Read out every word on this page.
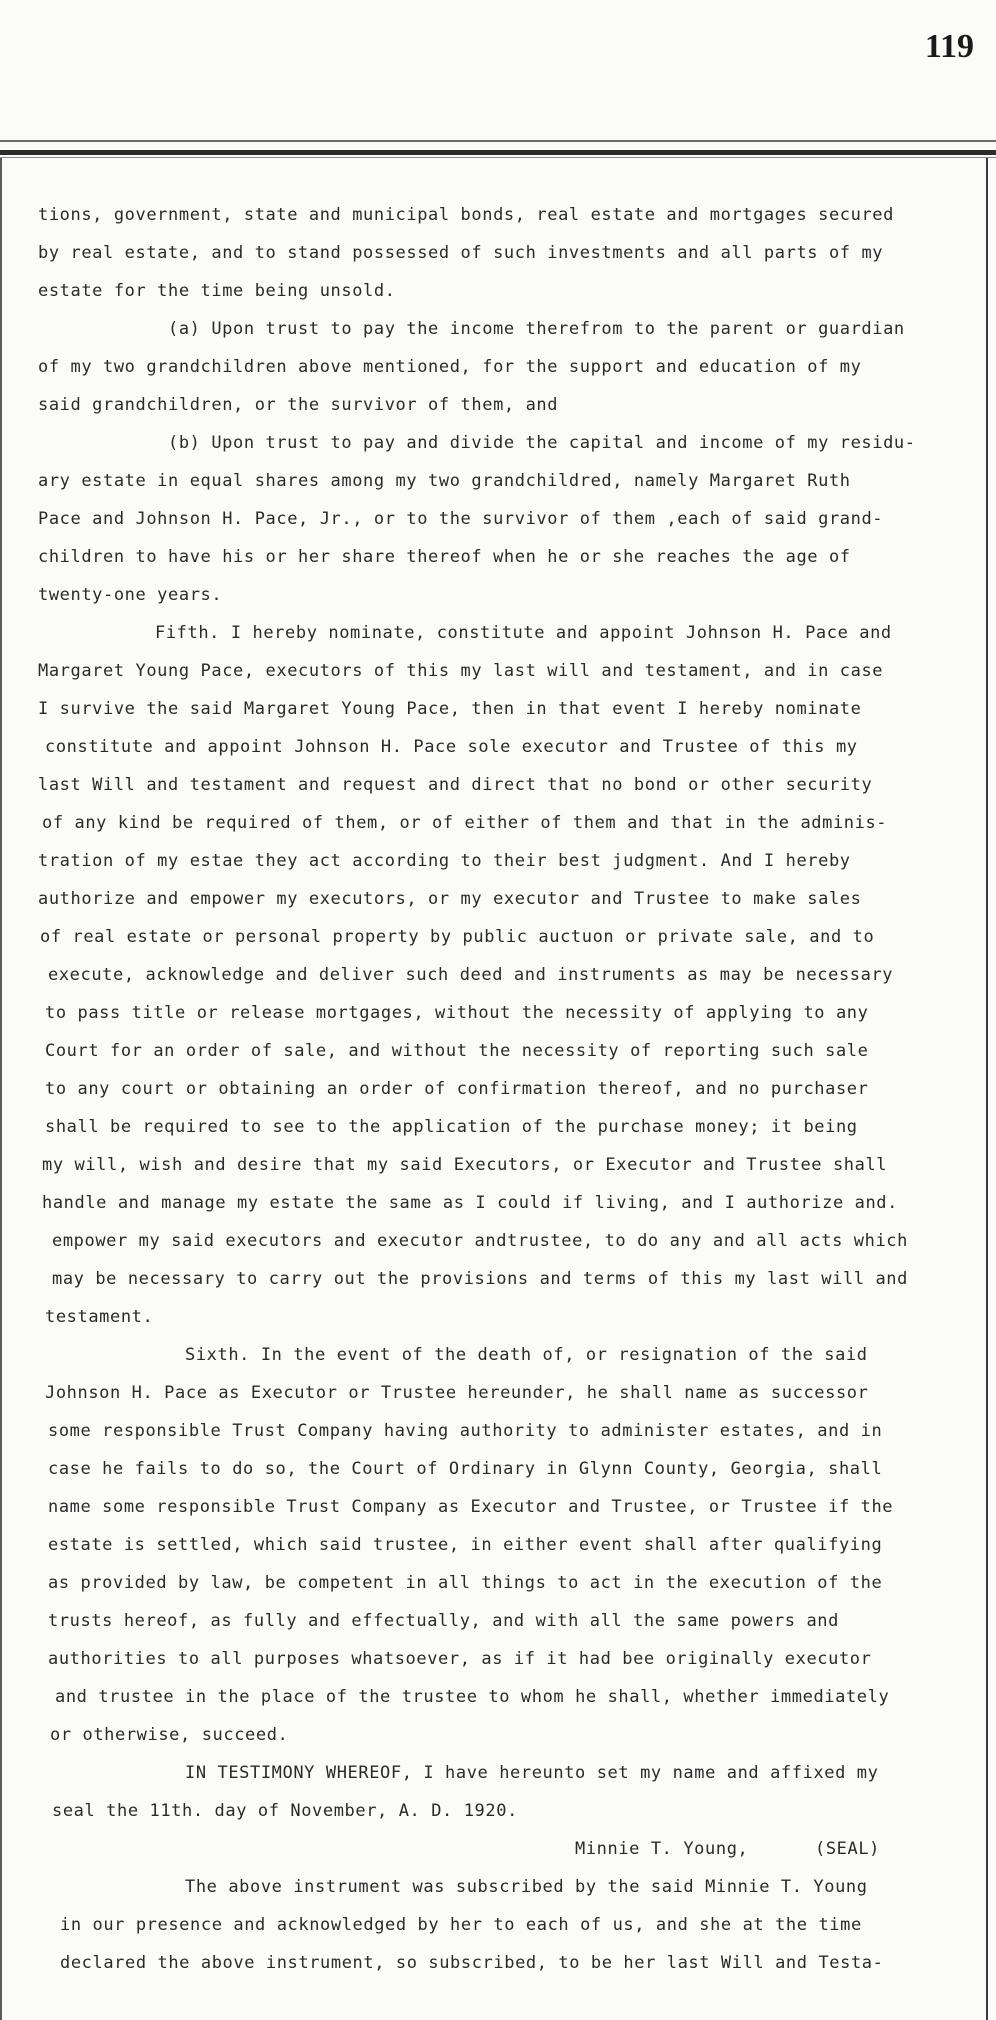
119
tions, government, state and municipal bonds, real estate and mortgages secured
by real estate, and to stand possessed of such investments and all parts of my
estate for the time being unsold.
(a) Upon trust to pay the income therefrom to the parent or guardian
of my two grandchildren above mentioned, for the support and education of my
said grandchildren, or the survivor of them, and
(b) Upon trust to pay and divide the capital and income of my residu-
ary estate in equal shares among my two grandchildred, namely Margaret Ruth
Pace and Johnson H. Pace, Jr., or to the survivor of them ,each of said grand-
children to have his or her share thereof when he or she reaches the age of
twenty-one years.
Fifth. I hereby nominate, constitute and appoint Johnson H. Pace and
Margaret Young Pace, executors of this my last will and testament, and in case
I survive the said Margaret Young Pace, then in that event I hereby nominate
constitute and appoint Johnson H. Pace sole executor and Trustee of this my
last Will and testament and request and direct that no bond or other security
of any kind be required of them, or of either of them and that in the adminis-
tration of my estae they act according to their best judgment. And I hereby
authorize and empower my executors, or my executor and Trustee to make sales
of real estate or personal property by public auctuon or private sale, and to
execute, acknowledge and deliver such deed and instruments as may be necessary
to pass title or release mortgages, without the necessity of applying to any
Court for an order of sale, and without the necessity of reporting such sale
to any court or obtaining an order of confirmation thereof, and no purchaser
shall be required to see to the application of the purchase money; it being
my will, wish and desire that my said Executors, or Executor and Trustee shall
handle and manage my estate the same as I could if living, and I authorize and.
empower my said executors and executor andtrustee, to do any and all acts which
may be necessary to carry out the provisions and terms of this my last will and
testament.
Sixth. In the event of the death of, or resignation of the said
Johnson H. Pace as Executor or Trustee hereunder, he shall name as successor
some responsible Trust Company having authority to administer estates, and in
case he fails to do so, the Court of Ordinary in Glynn County, Georgia, shall
name some responsible Trust Company as Executor and Trustee, or Trustee if the
estate is settled, which said trustee, in either event shall after qualifying
as provided by law, be competent in all things to act in the execution of the
trusts hereof, as fully and effectually, and with all the same powers and
authorities to all purposes whatsoever, as if it had bee originally executor
and trustee in the place of the trustee to whom he shall, whether immediately
or otherwise, succeed.
IN TESTIMONY WHEREOF, I have hereunto set my name and affixed my
seal the 11th. day of November, A. D. 1920.
Minnie T. Young,	(SEAL)
The above instrument was subscribed by the said Minnie T. Young
in our presence and acknowledged by her to each of us, and she at the time
declared the above instrument, so subscribed, to be her last Will and Testa-
